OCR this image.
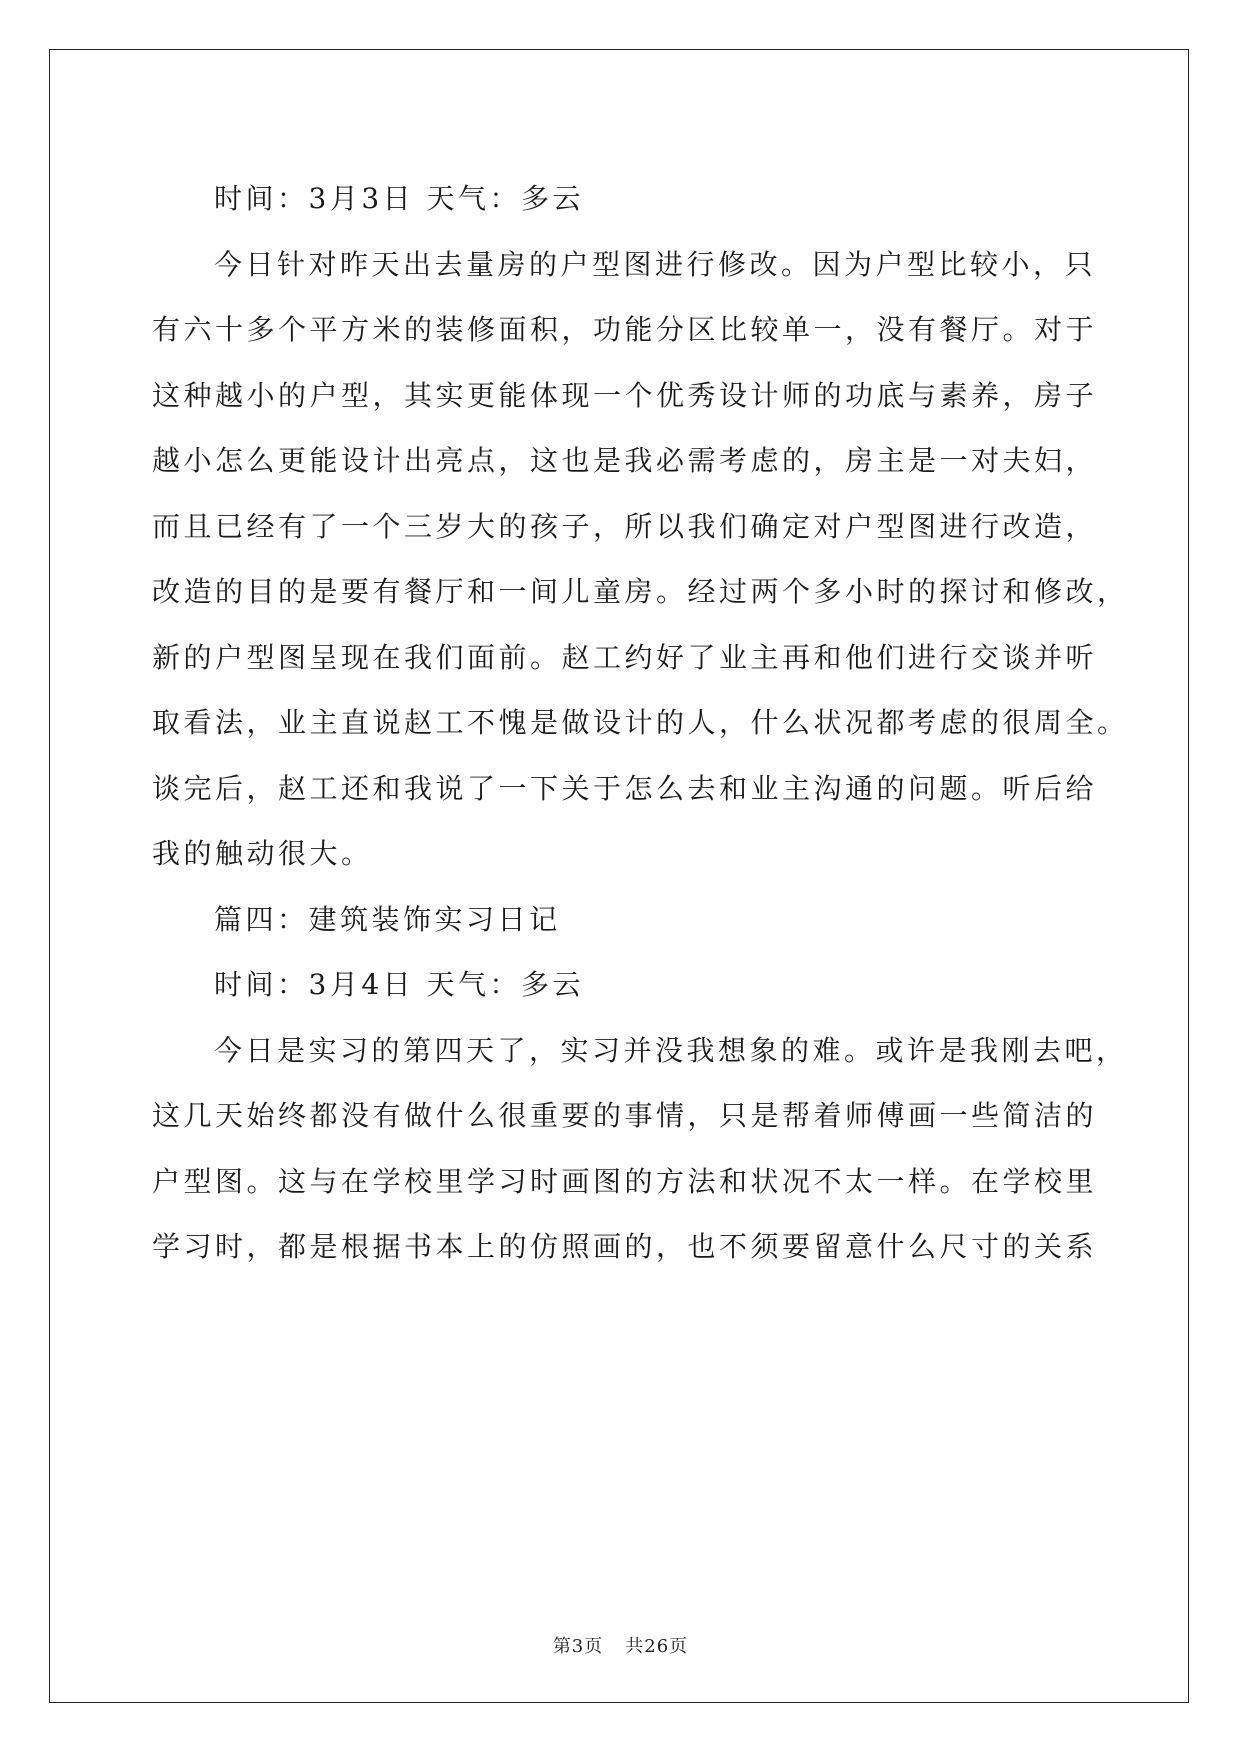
时间：3月3日 天气：多云

今日针对昨天出去量房的户型图进行修改。因为户型比较小，只

有六十多个平方米的装修面积，功能分区比较单一，没有餐厅。对于

这种越小的户型，其实更能体现一个优秀设计师的功底与素养，房子

越小怎么更能设计出亮点，这也是我必需考虑的，房主是一对夫妇，

而且已经有了一个三岁大的孩子，所以我们确定对户型图进行改造，

改造的目的是要有餐厅和一间儿童房。经过两个多小时的探讨和修改，

新的户型图呈现在我们面前。赵工约好了业主再和他们进行交谈并听

取看法，业主直说赵工不愧是做设计的人，什么状况都考虑的很周全。

谈完后，赵工还和我说了一下关于怎么去和业主沟通的问题。听后给

我的触动很大。

篇四：建筑装饰实习日记

时间：3月4日 天气：多云

今日是实习的第四天了，实习并没我想象的难。或许是我刚去吧，

这几天始终都没有做什么很重要的事情，只是帮着师傅画一些简洁的

户型图。这与在学校里学习时画图的方法和状况不太一样。在学校里

学习时，都是根据书本上的仿照画的，也不须要留意什么尺寸的关系

第3页 共26页
